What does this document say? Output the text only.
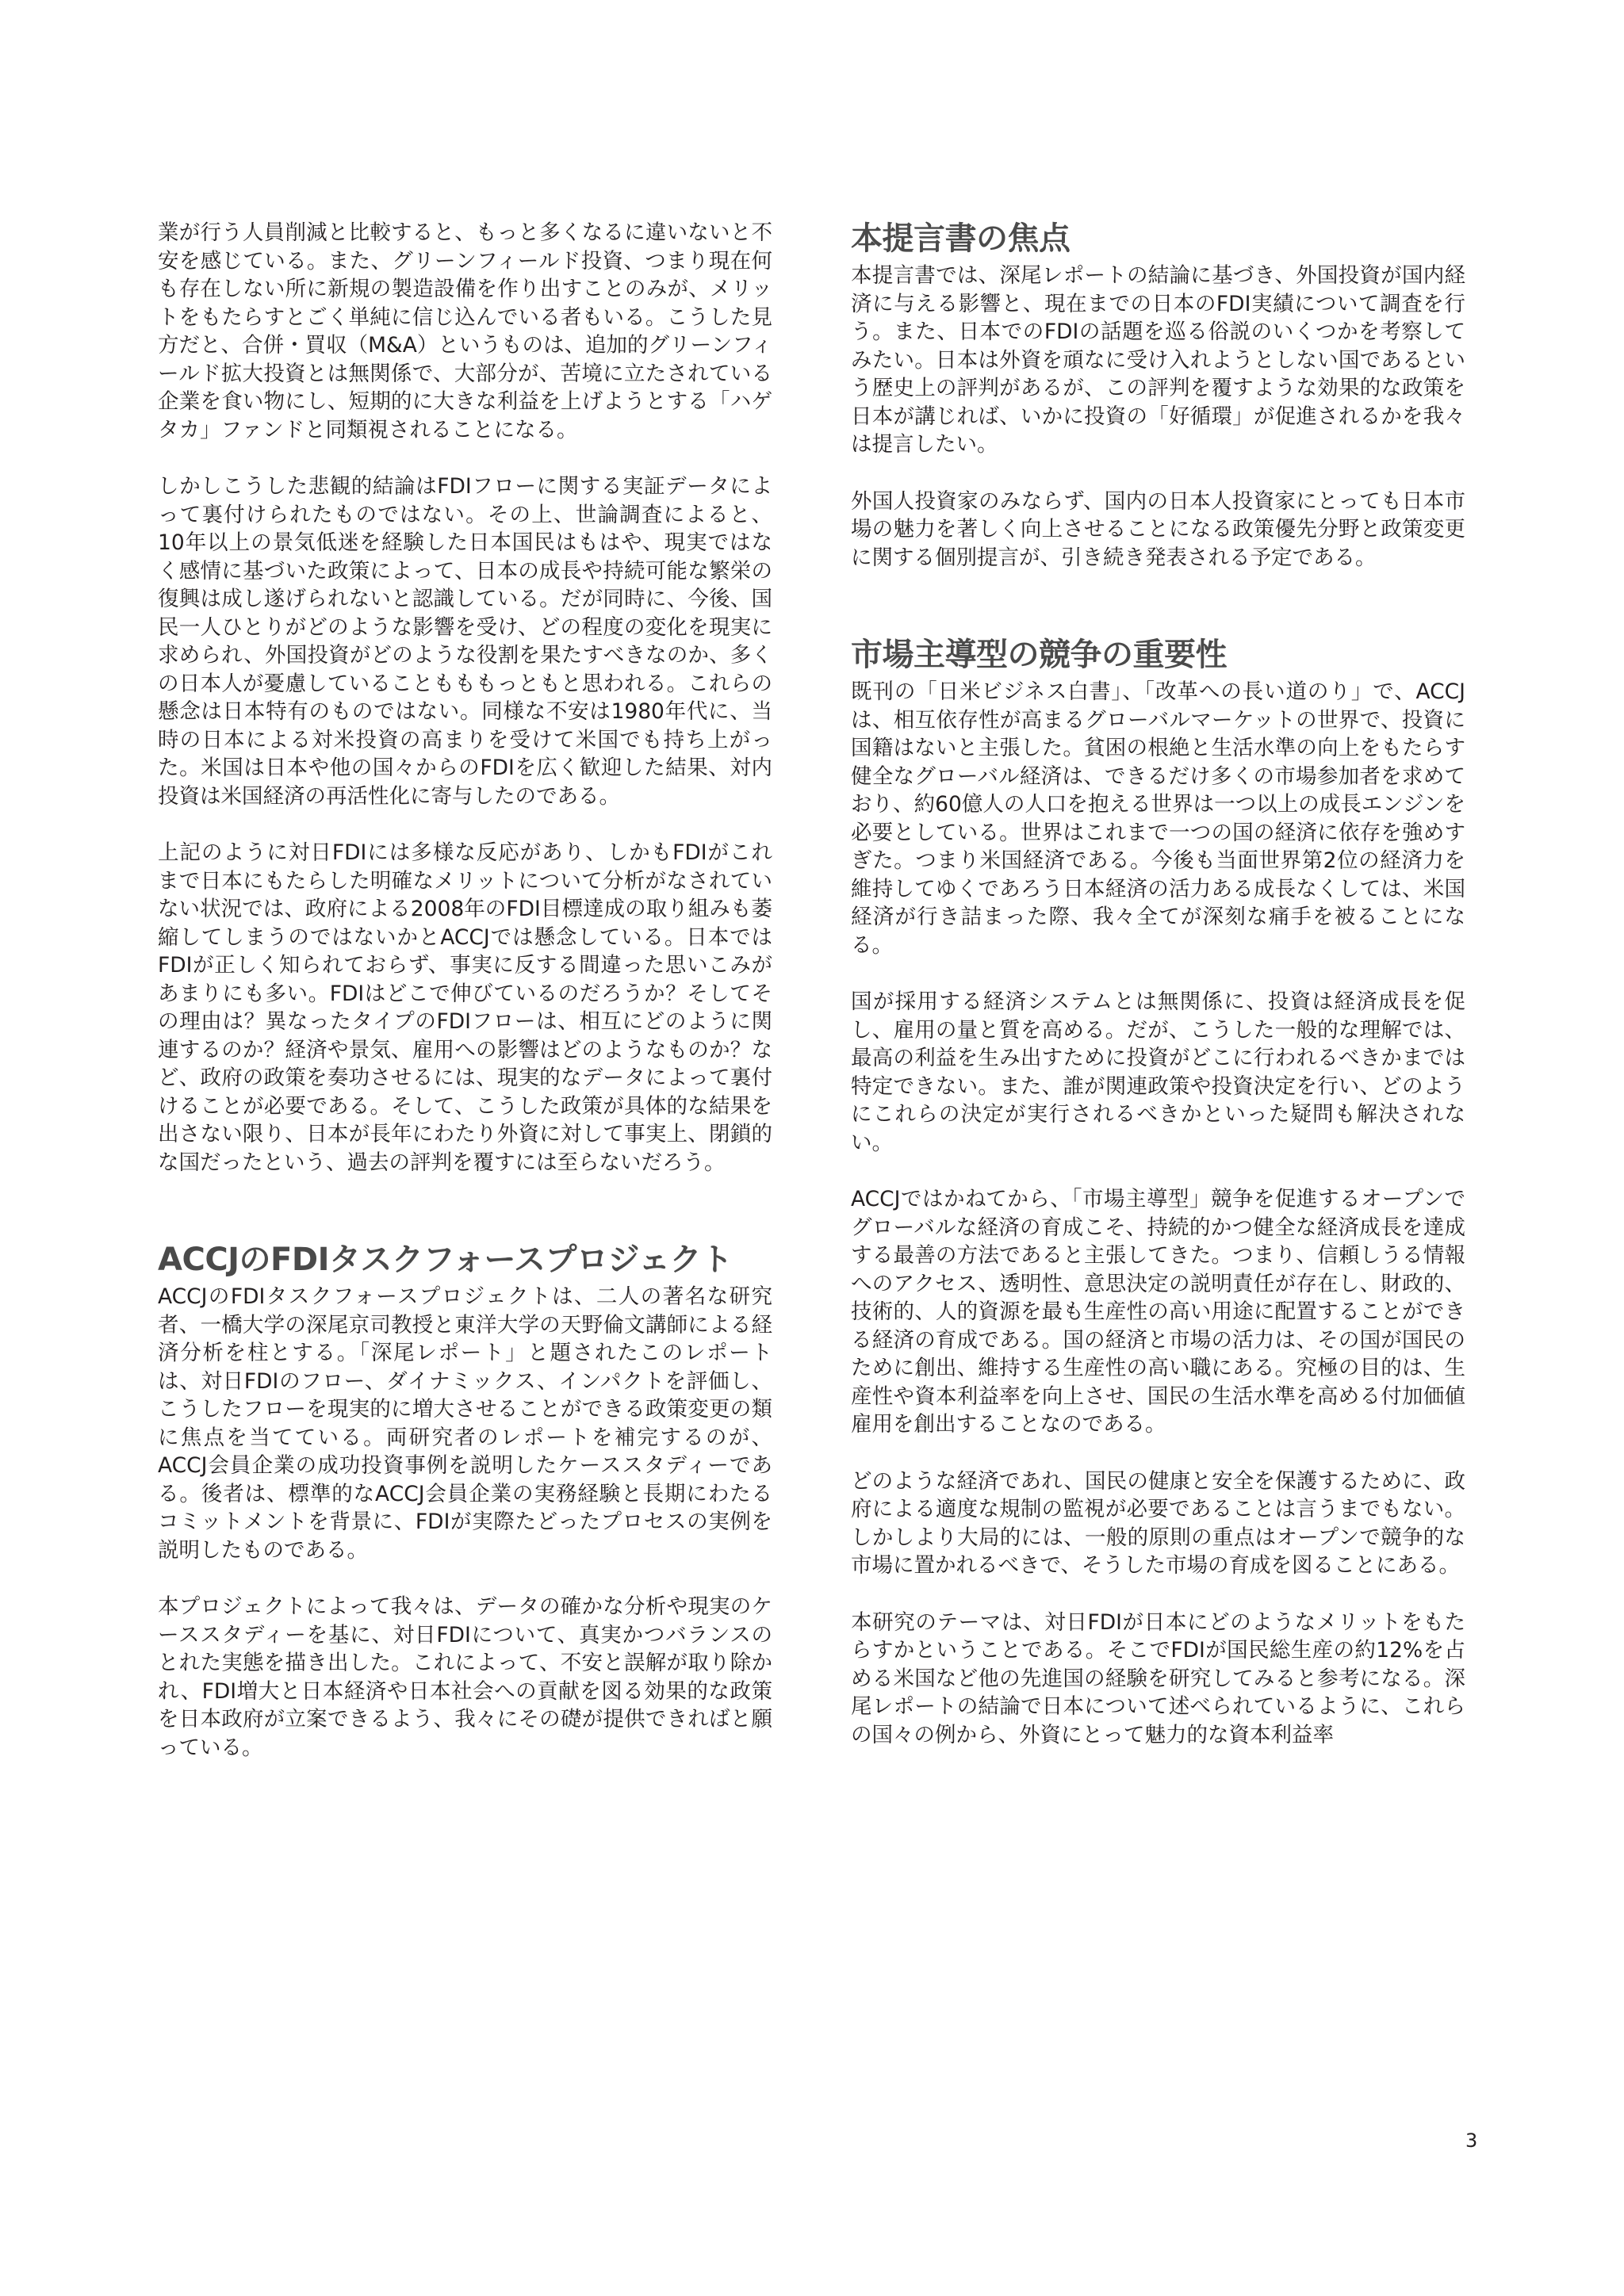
業が行う人員削減と比較すると、もっと多くなるに違いないと不安を感じている。また、グリーンフィールド投資、つまり現在何も存在しない所に新規の製造設備を作り出すことのみが、メリットをもたらすとごく単純に信じ込んでいる者もいる。こうした見方だと、合併・買収（M&A）というものは、追加的グリーンフィールド拡大投資とは無関係で、大部分が、苦境に立たされている企業を食い物にし、短期的に大きな利益を上げようとする「ハゲタカ」ファンドと同類視されることになる。

しかしこうした悲観的結論はFDIフローに関する実証データによって裏付けられたものではない。その上、世論調査によると、10年以上の景気低迷を経験した日本国民はもはや、現実ではなく感情に基づいた政策によって、日本の成長や持続可能な繁栄の復興は成し遂げられないと認識している。だが同時に、今後、国民一人ひとりがどのような影響を受け、どの程度の変化を現実に求められ、外国投資がどのような役割を果たすべきなのか、多くの日本人が憂慮していることもももっともと思われる。これらの懸念は日本特有のものではない。同様な不安は1980年代に、当時の日本による対米投資の高まりを受けて米国でも持ち上がった。米国は日本や他の国々からのFDIを広く歓迎した結果、対内投資は米国経済の再活性化に寄与したのである。

上記のように対日FDIには多様な反応があり、しかもFDIがこれまで日本にもたらした明確なメリットについて分析がなされていない状況では、政府による2008年のFDI目標達成の取り組みも萎縮してしまうのではないかとACCJでは懸念している。日本ではFDIが正しく知られておらず、事実に反する間違った思いこみがあまりにも多い。FDIはどこで伸びているのだろうか？そしてその理由は？異なったタイプのFDIフローは、相互にどのように関連するのか？経済や景気、雇用への影響はどのようなものか？など、政府の政策を奏功させるには、現実的なデータによって裏付けることが必要である。そして、こうした政策が具体的な結果を出さない限り、日本が長年にわたり外資に対して事実上、閉鎖的な国だったという、過去の評判を覆すには至らないだろう。

ACCJのFDIタスクフォースプロジェクト

ACCJのFDIタスクフォースプロジェクトは、二人の著名な研究者、一橋大学の深尾京司教授と東洋大学の天野倫文講師による経済分析を柱とする。「深尾レポート」と題されたこのレポートは、対日FDIのフロー、ダイナミックス、インパクトを評価し、こうしたフローを現実的に増大させることができる政策変更の類に焦点を当てている。両研究者のレポートを補完するのが、ACCJ会員企業の成功投資事例を説明したケーススタディーである。後者は、標準的なACCJ会員企業の実務経験と長期にわたるコミットメントを背景に、FDIが実際たどったプロセスの実例を説明したものである。

本プロジェクトによって我々は、データの確かな分析や現実のケーススタディーを基に、対日FDIについて、真実かつバランスのとれた実態を描き出した。これによって、不安と誤解が取り除かれ、FDI増大と日本経済や日本社会への貢献を図る効果的な政策を日本政府が立案できるよう、我々にその礎が提供できればと願っている。

本提言書の焦点

本提言書では、深尾レポートの結論に基づき、外国投資が国内経済に与える影響と、現在までの日本のFDI実績について調査を行う。また、日本でのFDIの話題を巡る俗説のいくつかを考察してみたい。日本は外資を頑なに受け入れようとしない国であるという歴史上の評判があるが、この評判を覆すような効果的な政策を日本が講じれば、いかに投資の「好循環」が促進されるかを我々は提言したい。

外国人投資家のみならず、国内の日本人投資家にとっても日本市場の魅力を著しく向上させることになる政策優先分野と政策変更に関する個別提言が、引き続き発表される予定である。

市場主導型の競争の重要性

既刊の「日米ビジネス白書」、「改革への長い道のり」で、ACCJは、相互依存性が高まるグローバルマーケットの世界で、投資に国籍はないと主張した。貧困の根絶と生活水準の向上をもたらす健全なグローバル経済は、できるだけ多くの市場参加者を求めており、約60億人の人口を抱える世界は一つ以上の成長エンジンを必要としている。世界はこれまで一つの国の経済に依存を強めすぎた。つまり米国経済である。今後も当面世界第2位の経済力を維持してゆくであろう日本経済の活力ある成長なくしては、米国経済が行き詰まった際、我々全てが深刻な痛手を被ることになる。

国が採用する経済システムとは無関係に、投資は経済成長を促し、雇用の量と質を高める。だが、こうした一般的な理解では、最高の利益を生み出すために投資がどこに行われるべきかまでは特定できない。また、誰が関連政策や投資決定を行い、どのようにこれらの決定が実行されるべきかといった疑問も解決されない。

ACCJではかねてから、「市場主導型」競争を促進するオープンでグローバルな経済の育成こそ、持続的かつ健全な経済成長を達成する最善の方法であると主張してきた。つまり、信頼しうる情報へのアクセス、透明性、意思決定の説明責任が存在し、財政的、技術的、人的資源を最も生産性の高い用途に配置することができる経済の育成である。国の経済と市場の活力は、その国が国民のために創出、維持する生産性の高い職にある。究極の目的は、生産性や資本利益率を向上させ、国民の生活水準を高める付加価値雇用を創出することなのである。

どのような経済であれ、国民の健康と安全を保護するために、政府による適度な規制の監視が必要であることは言うまでもない。しかしより大局的には、一般的原則の重点はオープンで競争的な市場に置かれるべきで、そうした市場の育成を図ることにある。

本研究のテーマは、対日FDIが日本にどのようなメリットをもたらすかということである。そこでFDIが国民総生産の約12%を占める米国など他の先進国の経験を研究してみると参考になる。深尾レポートの結論で日本について述べられているように、これらの国々の例から、外資にとって魅力的な資本利益率

3
